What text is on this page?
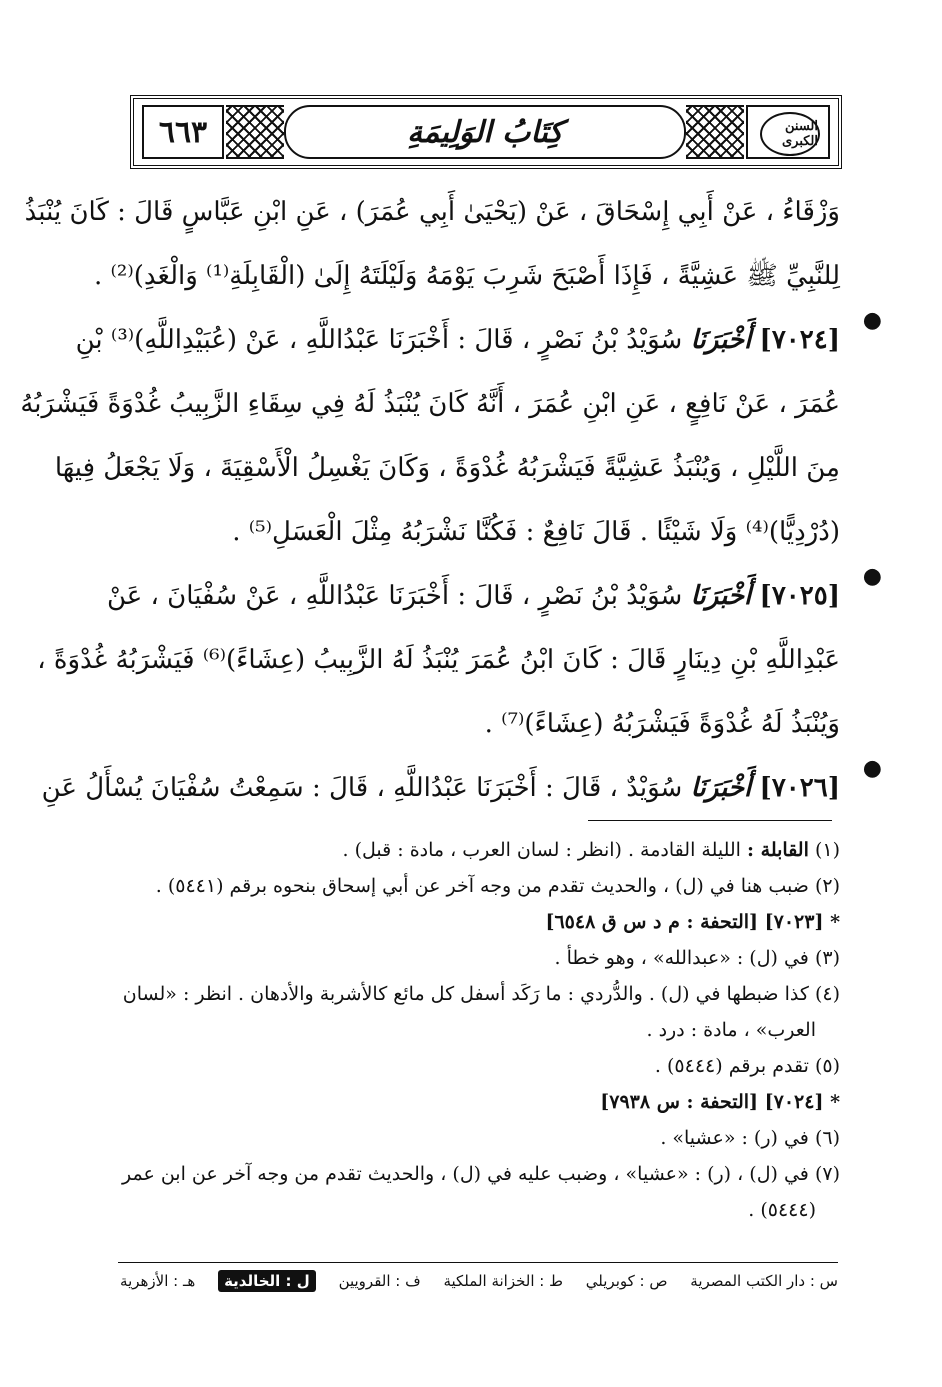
٦٦٣	كِتَابُ الوَلِيمَةِ	السنن الكبرى
وَزْقَاءُ ، عَنْ أَبِي إِسْحَاقَ ، عَنْ (يَحْيَىٰ أَبِي عُمَرَ) ، عَنِ ابْنِ عَبَّاسٍ قَالَ : كَانَ يُنْبَذُ
لِلنَّبِيِّ ﷺ عَشِيَّةً ، فَإِذَا أَصْبَحَ شَرِبَ يَوْمَهُ وَلَيْلَتَهُ إِلَىٰ (الْقَابِلَةِ⁽¹⁾ وَالْغَدِ)⁽²⁾ .
●
[٧٠٢٤] أَخْبَرَنَا سُوَيْدُ بْنُ نَصْرٍ ، قَالَ : أَخْبَرَنَا عَبْدُاللَّهِ ، عَنْ (عُبَيْدِاللَّهِ)⁽³⁾ بْنِ
عُمَرَ ، عَنْ نَافِعٍ ، عَنِ ابْنِ عُمَرَ ، أَنَّهُ كَانَ يُنْبَذُ لَهُ فِي سِقَاءِ الزَّبِيبُ غُدْوَةً فَيَشْرَبُهُ
مِنَ اللَّيْلِ ، وَيُنْبَذُ عَشِيَّةً فَيَشْرَبُهُ غُدْوَةً ، وَكَانَ يَغْسِلُ الْأَسْقِيَةَ ، وَلَا يَجْعَلُ فِيهَا
(دُرْدِيًّا)⁽⁴⁾ وَلَا شَيْئًا . قَالَ نَافِعٌ : فَكُنَّا نَشْرَبُهُ مِثْلَ الْعَسَلِ⁽⁵⁾ .
●
[٧٠٢٥] أَخْبَرَنَا سُوَيْدُ بْنُ نَصْرٍ ، قَالَ : أَخْبَرَنَا عَبْدُاللَّهِ ، عَنْ سُفْيَانَ ، عَنْ
عَبْدِاللَّهِ بْنِ دِينَارٍ قَالَ : كَانَ ابْنُ عُمَرَ يُنْبَذُ لَهُ الزَّبِيبُ (عِشَاءً)⁽⁶⁾ فَيَشْرَبُهُ غُدْوَةً ،
وَيُنْبَذُ لَهُ غُدْوَةً فَيَشْرَبُهُ (عِشَاءً)⁽⁷⁾ .
●
[٧٠٢٦] أَخْبَرَنَا سُوَيْدٌ ، قَالَ : أَخْبَرَنَا عَبْدُاللَّهِ ، قَالَ : سَمِعْتُ سُفْيَانَ يُسْأَلُ عَنِ
(١) القابلة : الليلة القادمة . (انظر : لسان العرب ، مادة : قبل) .
(٢) ضبب هنا في (ل) ، والحديث تقدم من وجه آخر عن أبي إسحاق بنحوه برقم (٥٤٤١) .
* [٧٠٢٣] [التحفة : م د س ق ٦٥٤٨]
(٣) في (ل) : «عبدالله» ، وهو خطأ .
(٤) كذا ضبطها في (ل) . والدُّردي : ما رَكَد أسفل كل مائع كالأشربة والأدهان . انظر : «لسان
العرب» ، مادة : درد .
(٥) تقدم برقم (٥٤٤٤) .
* [٧٠٢٤] [التحفة : س ٧٩٣٨]
(٦) في (ر) : «عشيا» .
(٧) في (ل) ، (ر) : «عشيا» ، وضبب عليه في (ل) ، والحديث تقدم من وجه آخر عن ابن عمر
(٥٤٤٤) .
س : دار الكتب المصرية
ص : كوبريلي
ط : الخزانة الملكية
ف : القرويين
ل : الخالدية
هـ : الأزهرية
